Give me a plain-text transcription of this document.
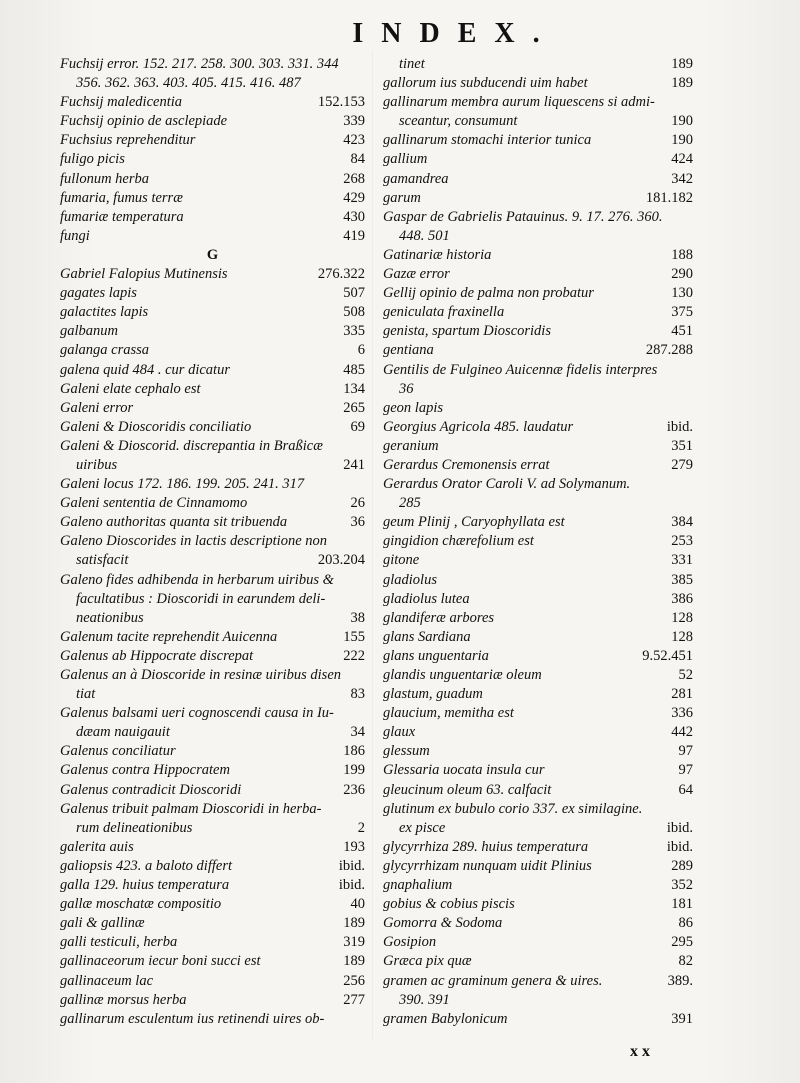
INDEX.
Fuchsij error. 152. 217. 258. 300. 303. 331. 344
356. 362. 363. 403. 405. 415. 416. 487
Fuchsij maledicentia	152.153
Fuchsij opinio de asclepiade	339
Fuchsius reprehenditur	423
fuligo picis	84
fullonum herba	268
fumaria, fumus terræ	429
fumariæ temperatura	430
fungi	419
G
Gabriel Falopius Mutinensis	276.322
gagates lapis	507
galactites lapis	508
galbanum	335
galanga crassa	6
galena quid 484 . cur dicatur	485
Galeni elate cephalo est	134
Galeni error	265
Galeni & Dioscoridis conciliatio	69
Galeni & Dioscorid. discrepantia in Braßicæ
uiribus	241
Galeni locus 172. 186. 199. 205. 241. 317
Galeni sententia de Cinnamomo	26
Galeno authoritas quanta sit tribuenda	36
Galeno Dioscorides in lactis descriptione non
satisfacit	203.204
Galeno fides adhibenda in herbarum uiribus &
facultatibus : Dioscoridi in earundem deli-
neationibus	38
Galenum tacite reprehendit Auicenna	155
Galenus ab Hippocrate discrepat	222
Galenus an à Dioscoride in resinæ uiribus disen
tiat	83
Galenus balsami ueri cognoscendi causa in Iu-
dæam nauigauit	34
Galenus conciliatur	186
Galenus contra Hippocratem	199
Galenus contradicit Dioscoridi	236
Galenus tribuit palmam Dioscoridi in herba-
rum delineationibus	2
galerita auis	193
galiopsis 423. a baloto differt	ibid.
galla 129. huius temperatura	ibid.
gallæ moschatæ compositio	40
gali & gallinæ	189
galli testiculi, herba	319
gallinaceorum iecur boni succi est	189
gallinaceum lac	256
gallinæ morsus herba	277
gallinarum esculentum ius retinendi uires ob-
tinet	189
gallorum ius subducendi uim habet	189
gallinarum membra aurum liquescens si admi-
sceantur, consumunt	190
gallinarum stomachi interior tunica	190
gallium	424
gamandrea	342
garum	181.182
Gaspar de Gabrielis Patauinus. 9. 17. 276. 360.
448. 501
Gatinariæ historia	188
Gazæ error	290
Gellij opinio de palma non probatur	130
geniculata fraxinella	375
genista, spartum Dioscoridis	451
gentiana	287.288
Gentilis de Fulgineo Auicennæ fidelis interpres
36
geon lapis
Georgius Agricola 485. laudatur	ibid.
geranium	351
Gerardus Cremonensis errat	279
Gerardus Orator Caroli V. ad Solymanum.
285
geum Plinij , Caryophyllata est	384
gingidion chærefolium est	253
gitone	331
gladiolus	385
gladiolus lutea	386
glandiferæ arbores	128
glans Sardiana	128
glans unguentaria	9.52.451
glandis unguentariæ oleum	52
glastum, guadum	281
glaucium, memitha est	336
glaux	442
glessum	97
Glessaria uocata insula cur	97
gleucinum oleum 63. calfacit	64
glutinum ex bubulo corio 337. ex similagine.
ex pisce	ibid.
glycyrrhiza 289. huius temperatura	ibid.
glycyrrhizam nunquam uidit Plinius	289
gnaphalium	352
gobius & cobius piscis	181
Gomorra & Sodoma	86
Gosipion	295
Græca pix quæ	82
gramen ac graminum genera & uires.	389.
390. 391
gramen Babylonicum	391
x x
